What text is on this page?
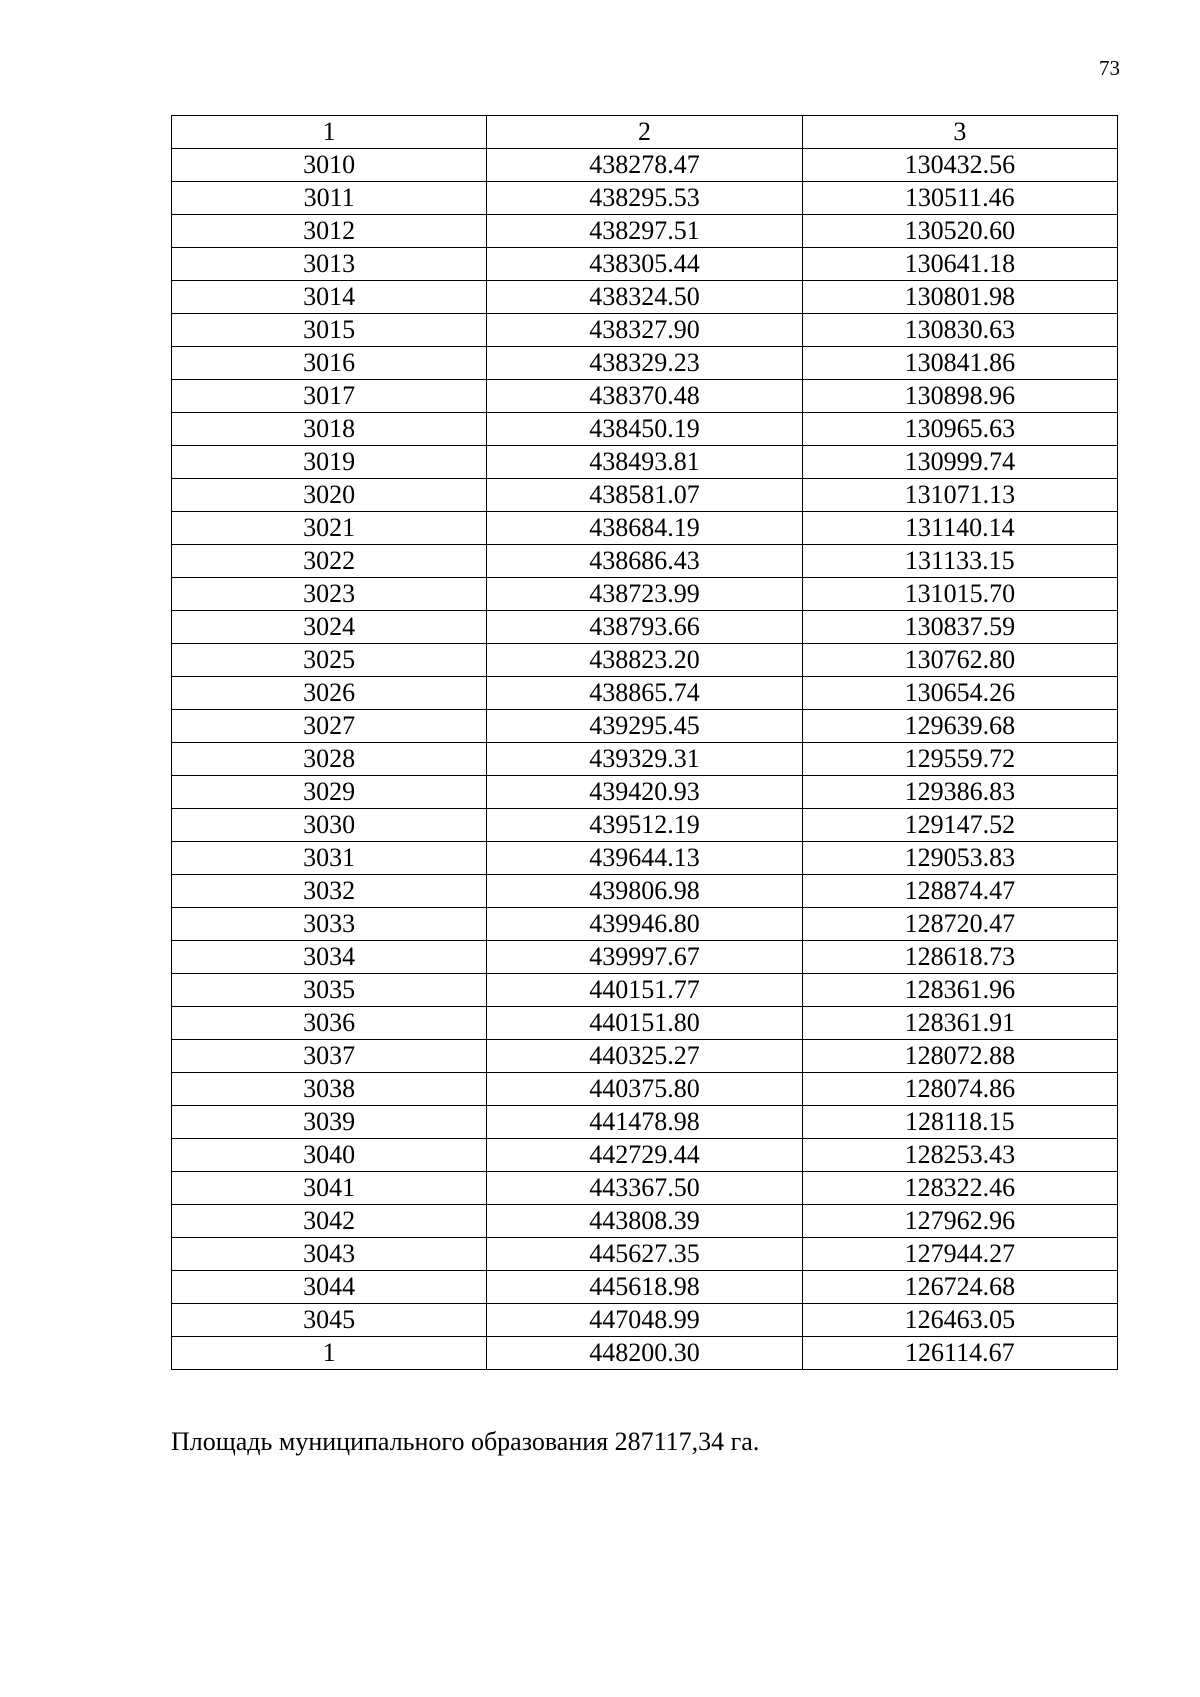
73
1	2	3
3010	438278.47	130432.56
3011	438295.53	130511.46
3012	438297.51	130520.60
3013	438305.44	130641.18
3014	438324.50	130801.98
3015	438327.90	130830.63
3016	438329.23	130841.86
3017	438370.48	130898.96
3018	438450.19	130965.63
3019	438493.81	130999.74
3020	438581.07	131071.13
3021	438684.19	131140.14
3022	438686.43	131133.15
3023	438723.99	131015.70
3024	438793.66	130837.59
3025	438823.20	130762.80
3026	438865.74	130654.26
3027	439295.45	129639.68
3028	439329.31	129559.72
3029	439420.93	129386.83
3030	439512.19	129147.52
3031	439644.13	129053.83
3032	439806.98	128874.47
3033	439946.80	128720.47
3034	439997.67	128618.73
3035	440151.77	128361.96
3036	440151.80	128361.91
3037	440325.27	128072.88
3038	440375.80	128074.86
3039	441478.98	128118.15
3040	442729.44	128253.43
3041	443367.50	128322.46
3042	443808.39	127962.96
3043	445627.35	127944.27
3044	445618.98	126724.68
3045	447048.99	126463.05
1	448200.30	126114.67
Площадь муниципального образования 287117,34 га.
